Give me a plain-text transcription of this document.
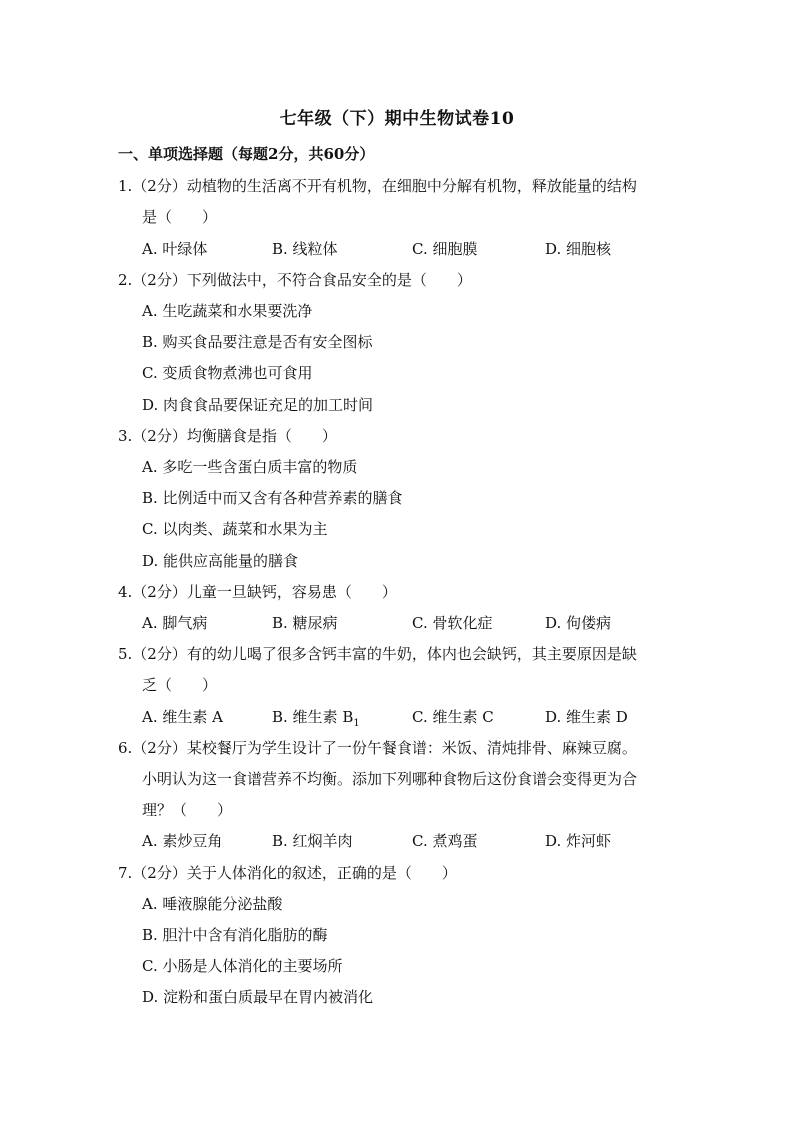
七年级（下）期中生物试卷10
一、单项选择题（每题2分，共60分）
1.（2分）动植物的生活离不开有机物，在细胞中分解有机物，释放能量的结构
是（　　）
A. 叶绿体	B. 线粒体	C. 细胞膜	D. 细胞核
2.（2分）下列做法中，不符合食品安全的是（　　）
A. 生吃蔬菜和水果要洗净
B. 购买食品要注意是否有安全图标
C. 变质食物煮沸也可食用
D. 肉食食品要保证充足的加工时间
3.（2分）均衡膳食是指（　　）
A. 多吃一些含蛋白质丰富的物质
B. 比例适中而又含有各种营养素的膳食
C. 以肉类、蔬菜和水果为主
D. 能供应高能量的膳食
4.（2分）儿童一旦缺钙，容易患（　　）
A. 脚气病	B. 糖尿病	C. 骨软化症	D. 佝偻病
5.（2分）有的幼儿喝了很多含钙丰富的牛奶，体内也会缺钙，其主要原因是缺
乏（　　）
A. 维生素 A	B. 维生素 $B_1$	C. 维生素 C	D. 维生素 D
6.（2分）某校餐厅为学生设计了一份午餐食谱：米饭、清炖排骨、麻辣豆腐。
小明认为这一食谱营养不均衡。添加下列哪种食物后这份食谱会变得更为合
理？（　　）
A. 素炒豆角	B. 红焖羊肉	C. 煮鸡蛋	D. 炸河虾
7.（2分）关于人体消化的叙述，正确的是（　　）
A. 唾液腺能分泌盐酸
B. 胆汁中含有消化脂肪的酶
C. 小肠是人体消化的主要场所
D. 淀粉和蛋白质最早在胃内被消化
